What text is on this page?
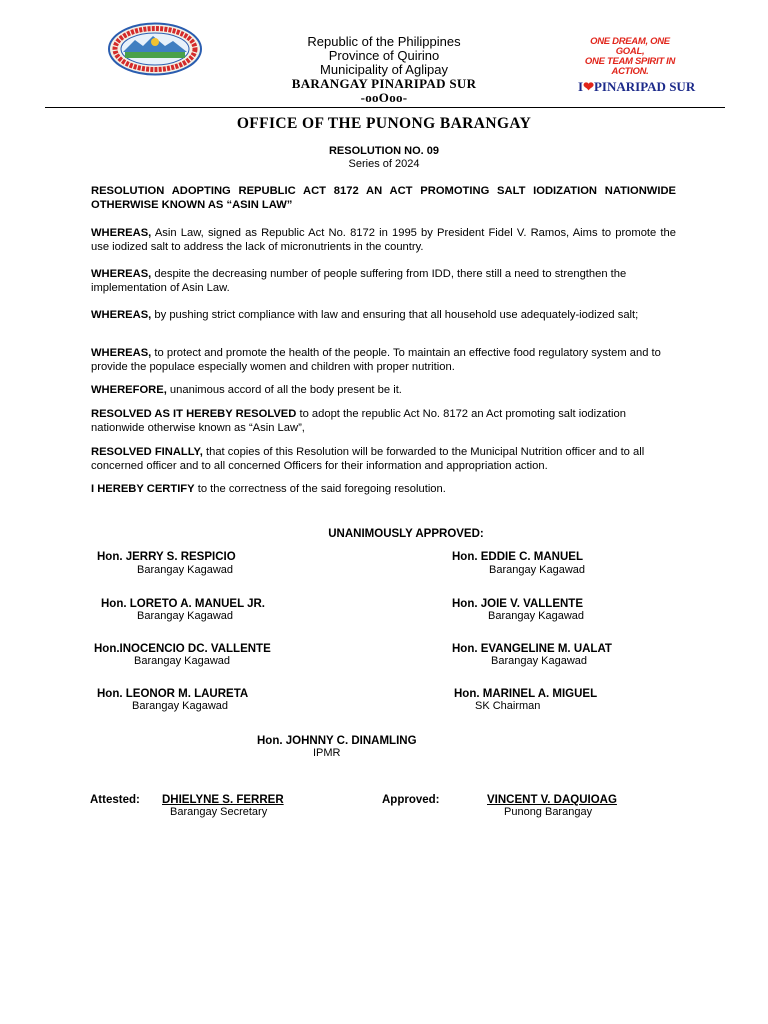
Republic of the Philippines
Province of Quirino
Municipality of Aglipay
BARANGAY PINARIPAD SUR
-ooOoo-
ONE DREAM, ONE GOAL,
ONE TEAM SPIRIT IN ACTION.
I❤PINARIPAD SUR
OFFICE OF THE PUNONG BARANGAY
RESOLUTION NO. 09
Series of 2024
RESOLUTION ADOPTING REPUBLIC ACT 8172 AN ACT PROMOTING SALT IODIZATION NATIONWIDE OTHERWISE KNOWN AS “ASIN LAW”
WHEREAS, Asin Law, signed as Republic Act No. 8172 in 1995 by President Fidel V. Ramos, Aims to promote the use iodized salt to address the lack of micronutrients in the country.
WHEREAS, despite the decreasing number of people suffering from IDD, there still a need to strengthen the implementation of Asin Law.
WHEREAS, by pushing strict compliance with law and ensuring that all household use adequately-iodized salt;
WHEREAS, to protect and promote the health of the people. To maintain an effective food regulatory system and to provide the populace especially women and children with proper nutrition.
WHEREFORE, unanimous accord of all the body present be it.
RESOLVED AS IT HEREBY RESOLVED to adopt the republic Act No. 8172 an Act promoting salt iodization nationwide otherwise known as “Asin Law”,
RESOLVED FINALLY, that copies of this Resolution will be forwarded to the Municipal Nutrition officer and to all concerned officer and to all concerned Officers for their information and appropriation action.
I HEREBY CERTIFY to the correctness of the said foregoing resolution.
UNANIMOUSLY APPROVED:
Hon. JERRY S. RESPICIO
Barangay Kagawad
Hon. EDDIE C. MANUEL
Barangay Kagawad
Hon. LORETO A. MANUEL JR.
Barangay Kagawad
Hon. JOIE V. VALLENTE
Barangay Kagawad
Hon.INOCENCIO DC. VALLENTE
Barangay Kagawad
Hon. EVANGELINE M. UALAT
Barangay Kagawad
Hon. LEONOR M. LAURETA
Barangay Kagawad
Hon. MARINEL A. MIGUEL
SK Chairman
Hon. JOHNNY C. DINAMLING
IPMR
Attested: DHIELYNE S. FERRER
Barangay Secretary
Approved:	VINCENT V. DAQUIOAG
Punong Barangay
